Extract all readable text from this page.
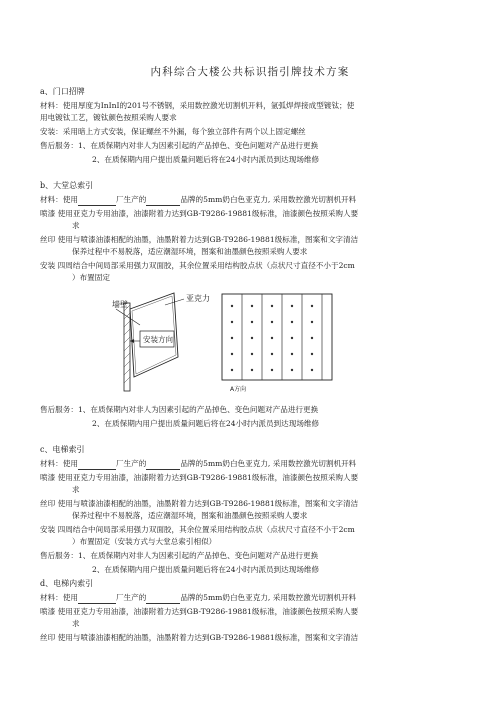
内科综合大楼公共标识指引牌技术方案
a、门口招牌
材料：使用厚度为InInI的201号不锈钢，采用数控激光切割机开料，氩弧焊焊接成型镀钛；使
用电镀钛工艺，镀钛颜色按照采购人要求
安装：采用暗上方式安装，保证螺丝不外漏，每个独立部件有两个以上固定螺丝
售后服务：1、在质保期内对非人为因素引起的产品掉色、变色问题对产品进行更换
2、在质保期内用户提出质量问题后将在24小时内派员到达现场维修
b、大堂总索引
材料：使用	厂生产的	品牌的5mm奶白色亚克力, 采用数控激光切割机开料
喷漆 使用亚克力专用油漆，油漆附着力达到GB-T9286-19881级标准，油漆颜色按照采购人要
求
丝印 使用与喷漆油漆相配的油墨，油墨附着力达到GB-T9286-19881级标准，图案和文字清洁
保养过程中不易脱落，适应潮湿环境，图案和油墨颜色按照采购人要求
安装 四周结合中间局部采用强力双面胶，其余位置采用结构胶点状（点状尺寸直径不小于2cm
）布置固定
墙壁
亚克力
安装方向
A方向
售后服务：1、在质保期内对非人为因素引起的产品掉色、变色问题对产品进行更换
2、在质保期内用户提出质量问题后将在24小时内派员到达现场维修
c、电梯索引
材料：使用	厂生产的	品牌的5mm奶白色亚克力, 采用数控激光切割机开料
喷漆 使用亚克力专用油漆，油漆附着力达到GB-T9286-19881级标准，油漆颜色按照采购人要
求
丝印 使用与喷漆油漆相配的油墨，油墨附着力达到GB-T9286-19881级标准，图案和文字清洁
保养过程中不易脱落，适应潮湿环境，图案和油墨颜色按照采购人要求
安装 四周结合中间局部采用强力双面胶，其余位置采用结构胶点状（点状尺寸直径不小于2cm
）布置固定（安装方式与大堂总索引相似）
售后服务：1、在质保期内对非人为因素引起的产品掉色、变色问题对产品进行更换
2、在质保期内用户提出质量问题后将在24小时内派员到达现场维修
d、电梯内索引
材料：使用	厂生产的	品牌的5mm奶白色亚克力, 采用数控激光切割机开料
喷漆 使用亚克力专用油漆，油漆附着力达到GB-T9286-19881级标准，油漆颜色按照采购人要
求
丝印 使用与喷漆油漆相配的油墨，油墨附着力达到GB-T9286-19881级标准，图案和文字清洁
